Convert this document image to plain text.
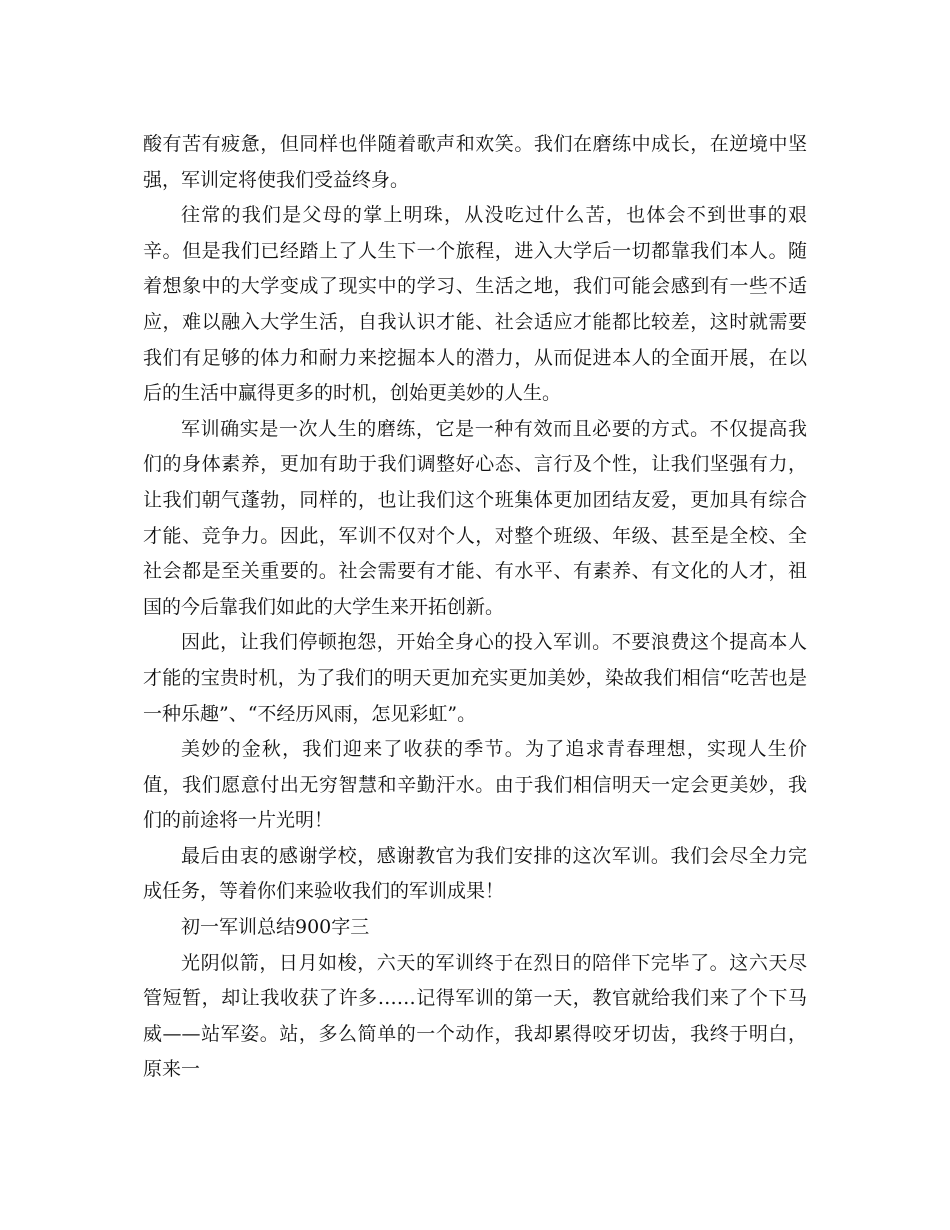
酸有苦有疲惫，但同样也伴随着歌声和欢笑。我们在磨练中成长，在逆境中坚强，军训定将使我们受益终身。

往常的我们是父母的掌上明珠，从没吃过什么苦，也体会不到世事的艰辛。但是我们已经踏上了人生下一个旅程，进入大学后一切都靠我们本人。随着想象中的大学变成了现实中的学习、生活之地，我们可能会感到有一些不适应，难以融入大学生活，自我认识才能、社会适应才能都比较差，这时就需要我们有足够的体力和耐力来挖掘本人的潜力，从而促进本人的全面开展，在以后的生活中赢得更多的时机，创始更美妙的人生。

军训确实是一次人生的磨练，它是一种有效而且必要的方式。不仅提高我们的身体素养，更加有助于我们调整好心态、言行及个性，让我们坚强有力，让我们朝气蓬勃，同样的，也让我们这个班集体更加团结友爱，更加具有综合才能、竞争力。因此，军训不仅对个人，对整个班级、年级、甚至是全校、全社会都是至关重要的。社会需要有才能、有水平、有素养、有文化的人才，祖国的今后靠我们如此的大学生来开拓创新。

因此，让我们停顿抱怨，开始全身心的投入军训。不要浪费这个提高本人才能的宝贵时机，为了我们的明天更加充实更加美妙，染故我们相信“吃苦也是一种乐趣”、“不经历风雨，怎见彩虹”。

美妙的金秋，我们迎来了收获的季节。为了追求青春理想，实现人生价值，我们愿意付出无穷智慧和辛勤汗水。由于我们相信明天一定会更美妙，我们的前途将一片光明！

最后由衷的感谢学校，感谢教官为我们安排的这次军训。我们会尽全力完成任务，等着你们来验收我们的军训成果！

初一军训总结900字三

光阴似箭，日月如梭，六天的军训终于在烈日的陪伴下完毕了。这六天尽管短暂，却让我收获了许多……记得军训的第一天，教官就给我们来了个下马威——站军姿。站，多么简单的一个动作，我却累得咬牙切齿，我终于明白，原来一
